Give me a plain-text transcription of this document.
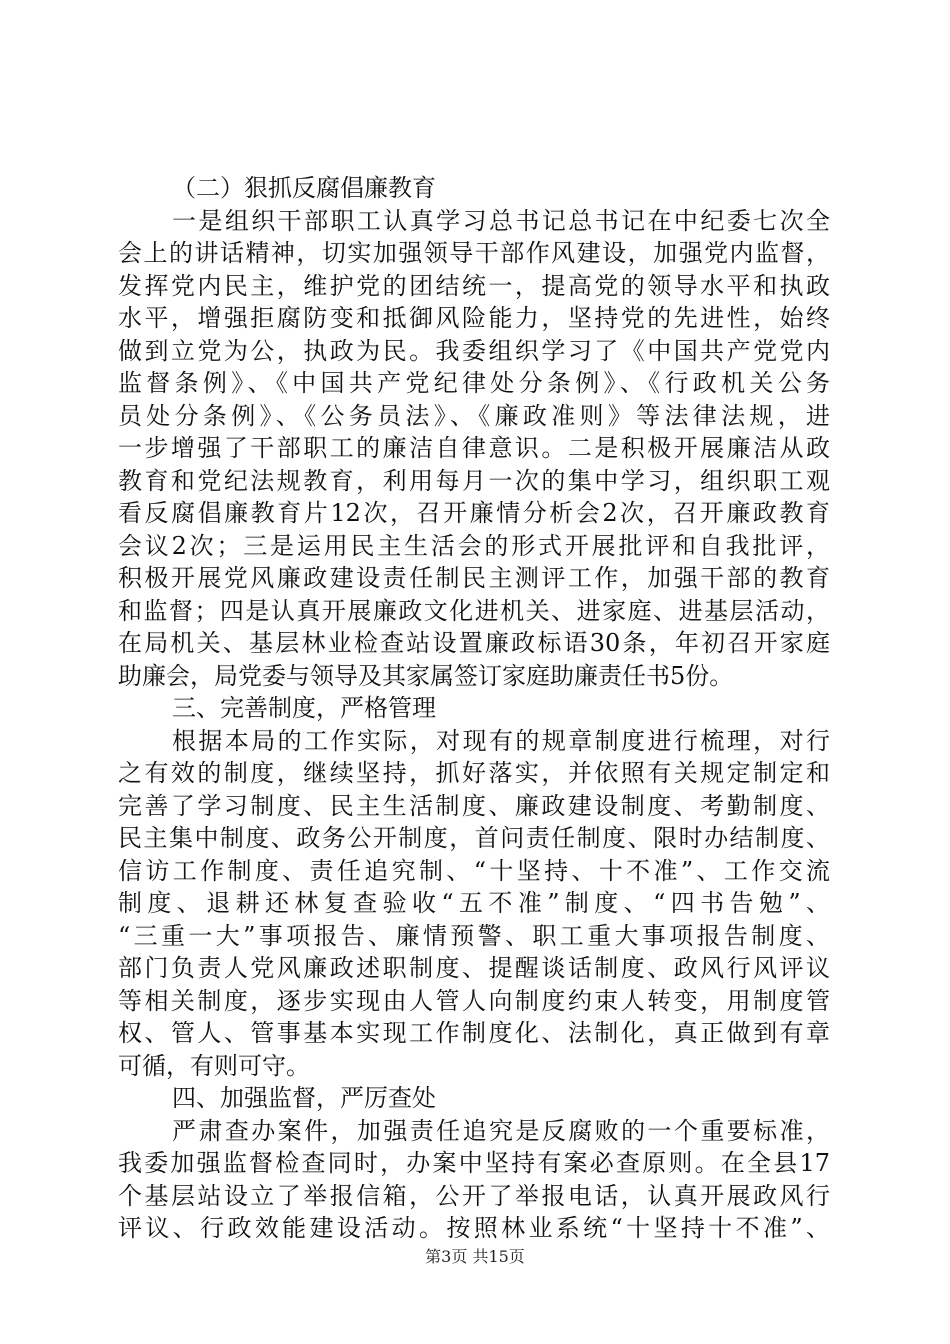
（二）狠抓反腐倡廉教育
一是组织干部职工认真学习总书记总书记在中纪委七次全
会上的讲话精神，切实加强领导干部作风建设，加强党内监督，
发挥党内民主，维护党的团结统一，提高党的领导水平和执政
水平，增强拒腐防变和抵御风险能力，坚持党的先进性，始终
做到立党为公，执政为民。我委组织学习了《中国共产党党内
监督条例》、《中国共产党纪律处分条例》、《行政机关公务
员处分条例》、《公务员法》、《廉政准则》等法律法规，进
一步增强了干部职工的廉洁自律意识。二是积极开展廉洁从政
教育和党纪法规教育，利用每月一次的集中学习，组织职工观
看反腐倡廉教育片12次，召开廉情分析会2次，召开廉政教育
会议2次；三是运用民主生活会的形式开展批评和自我批评，
积极开展党风廉政建设责任制民主测评工作，加强干部的教育
和监督；四是认真开展廉政文化进机关、进家庭、进基层活动，
在局机关、基层林业检查站设置廉政标语30条，年初召开家庭
助廉会，局党委与领导及其家属签订家庭助廉责任书5份。
三、完善制度，严格管理
根据本局的工作实际，对现有的规章制度进行梳理，对行
之有效的制度，继续坚持，抓好落实，并依照有关规定制定和
完善了学习制度、民主生活制度、廉政建设制度、考勤制度、
民主集中制度、政务公开制度，首问责任制度、限时办结制度、
信访工作制度、责任追究制、“十坚持、十不准”、工作交流
制度、退耕还林复查验收“五不准”制度、“四书告勉”、
“三重一大”事项报告、廉情预警、职工重大事项报告制度、
部门负责人党风廉政述职制度、提醒谈话制度、政风行风评议
等相关制度，逐步实现由人管人向制度约束人转变，用制度管
权、管人、管事基本实现工作制度化、法制化，真正做到有章
可循，有则可守。
四、加强监督，严厉查处
严肃查办案件，加强责任追究是反腐败的一个重要标准，
我委加强监督检查同时，办案中坚持有案必查原则。在全县17
个基层站设立了举报信箱，公开了举报电话，认真开展政风行
评议、行政效能建设活动。按照林业系统“十坚持十不准”、
第3页 共15页
